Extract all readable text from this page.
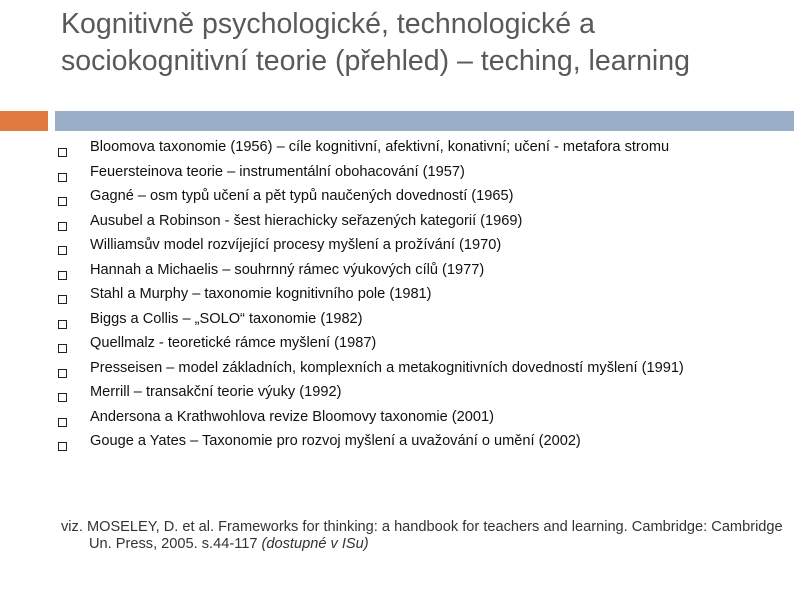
Kognitivně psychologické, technologické a sociokognitivní teorie (přehled) – teching, learning
Bloomova taxonomie (1956) – cíle kognitivní, afektivní, konativní; učení - metafora stromu
Feuersteinova teorie – instrumentální obohacování (1957)
Gagné – osm typů učení a pět typů naučených dovedností (1965)
Ausubel a Robinson - šest hierachicky seřazených kategorií (1969)
Williamsův model rozvíjející procesy myšlení a prožívání (1970)
Hannah a Michaelis – souhrnný rámec výukových cílů (1977)
Stahl a Murphy – taxonomie kognitivního pole (1981)
Biggs a Collis – „SOLO“ taxonomie (1982)
Quellmalz - teoretické rámce myšlení (1987)
Presseisen – model základních, komplexních a metakognitivních dovedností myšlení (1991)
Merrill – transakční teorie výuky (1992)
Andersona a Krathwohlova revize Bloomovy taxonomie (2001)
Gouge a Yates – Taxonomie pro rozvoj myšlení a uvažování o umění (2002)
viz. MOSELEY, D. et al. Frameworks for thinking: a handbook for teachers and learning. Cambridge: Cambridge Un. Press, 2005. s.44-117 (dostupné v ISu)
